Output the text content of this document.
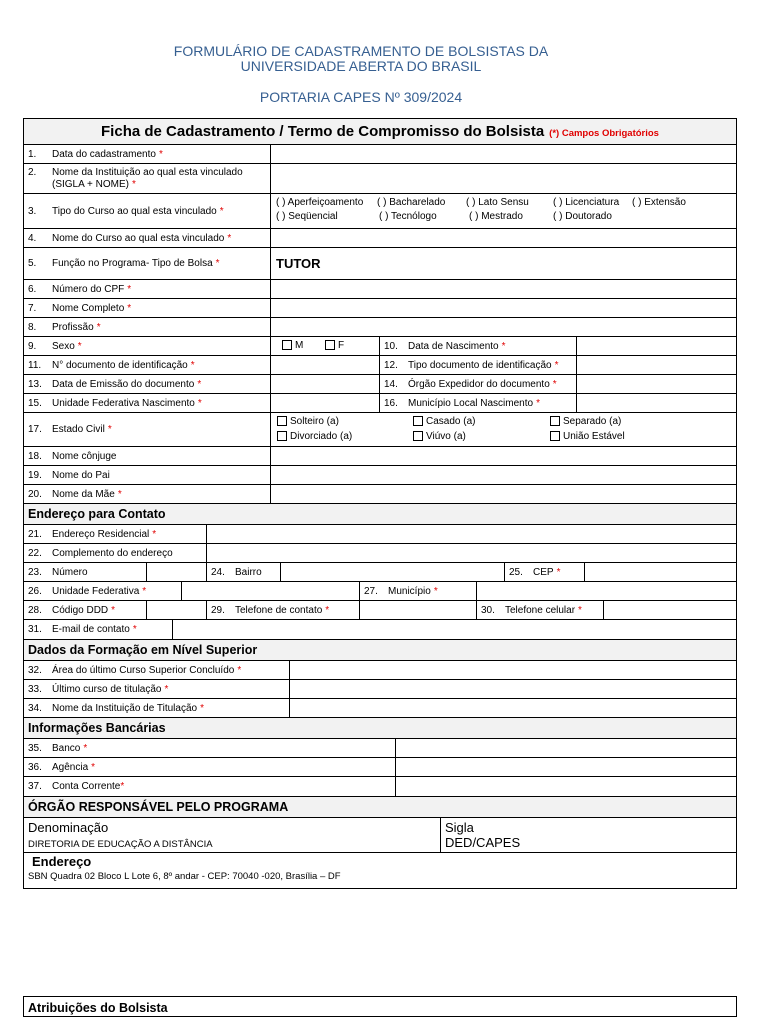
FORMULÁRIO DE CADASTRAMENTO DE BOLSISTAS DA
UNIVERSIDADE ABERTA DO BRASIL
PORTARIA CAPES Nº 309/2024
Ficha de Cadastramento / Termo de Compromisso do Bolsista (*) Campos Obrigatórios
1.	Data do cadastramento *
2. Nome da Instituição ao qual esta vinculado
(SIGLA + NOME) *
3.	Tipo do Curso ao qual esta vinculado *
( ) Aperfeiçoamento ( ) Bacharelado ( ) Lato Sensu ( ) Licenciatura ( ) Extensão
( ) Seqüencial	( ) Tecnólogo	( ) Mestrado	( ) Doutorado
4.	Nome do Curso ao qual esta vinculado *
5.	Função no Programa- Tipo de Bolsa *	TUTOR
6.	Número do CPF *
7.	Nome Completo *
8.	Profissão *
9.	Sexo *	M	F	10.	Data de Nascimento *
11.	N° documento de identificação *	12.	Tipo documento de identificação *
13.	Data de Emissão do documento *	14.	Órgão Expedidor do documento *
15.	Unidade Federativa Nascimento *	16.	Município Local Nascimento *
17.	Estado Civil *
Solteiro (a)	Casado (a)	Separado (a)
Divorciado (a)	Viúvo (a)	União Estável
18.	Nome cônjuge
19.	Nome do Pai
20.	Nome da Mãe *
Endereço para Contato
21.	Endereço Residencial *
22.	Complemento do endereço
23.	Número	24.	Bairro	25.	CEP *
26.	Unidade Federativa *	27.	Município *
28.	Código DDD *	29.	Telefone de contato *	30.	Telefone celular *
31.	E-mail de contato *
Dados da Formação em Nível Superior
32.	Área do último Curso Superior Concluído *
33.	Último curso de titulação *
34.	Nome da Instituição de Titulação *
Informações Bancárias
35.	Banco *
36.	Agência *
37.	Conta Corrente *
ÓRGÃO RESPONSÁVEL PELO PROGRAMA
Denominação
DIRETORIA DE EDUCAÇÃO A DISTÂNCIA
Sigla
DED/CAPES
Endereço
SBN Quadra 02 Bloco L Lote 6, 8º andar - CEP: 70040 -020, Brasília – DF
Atribuições do Bolsista
